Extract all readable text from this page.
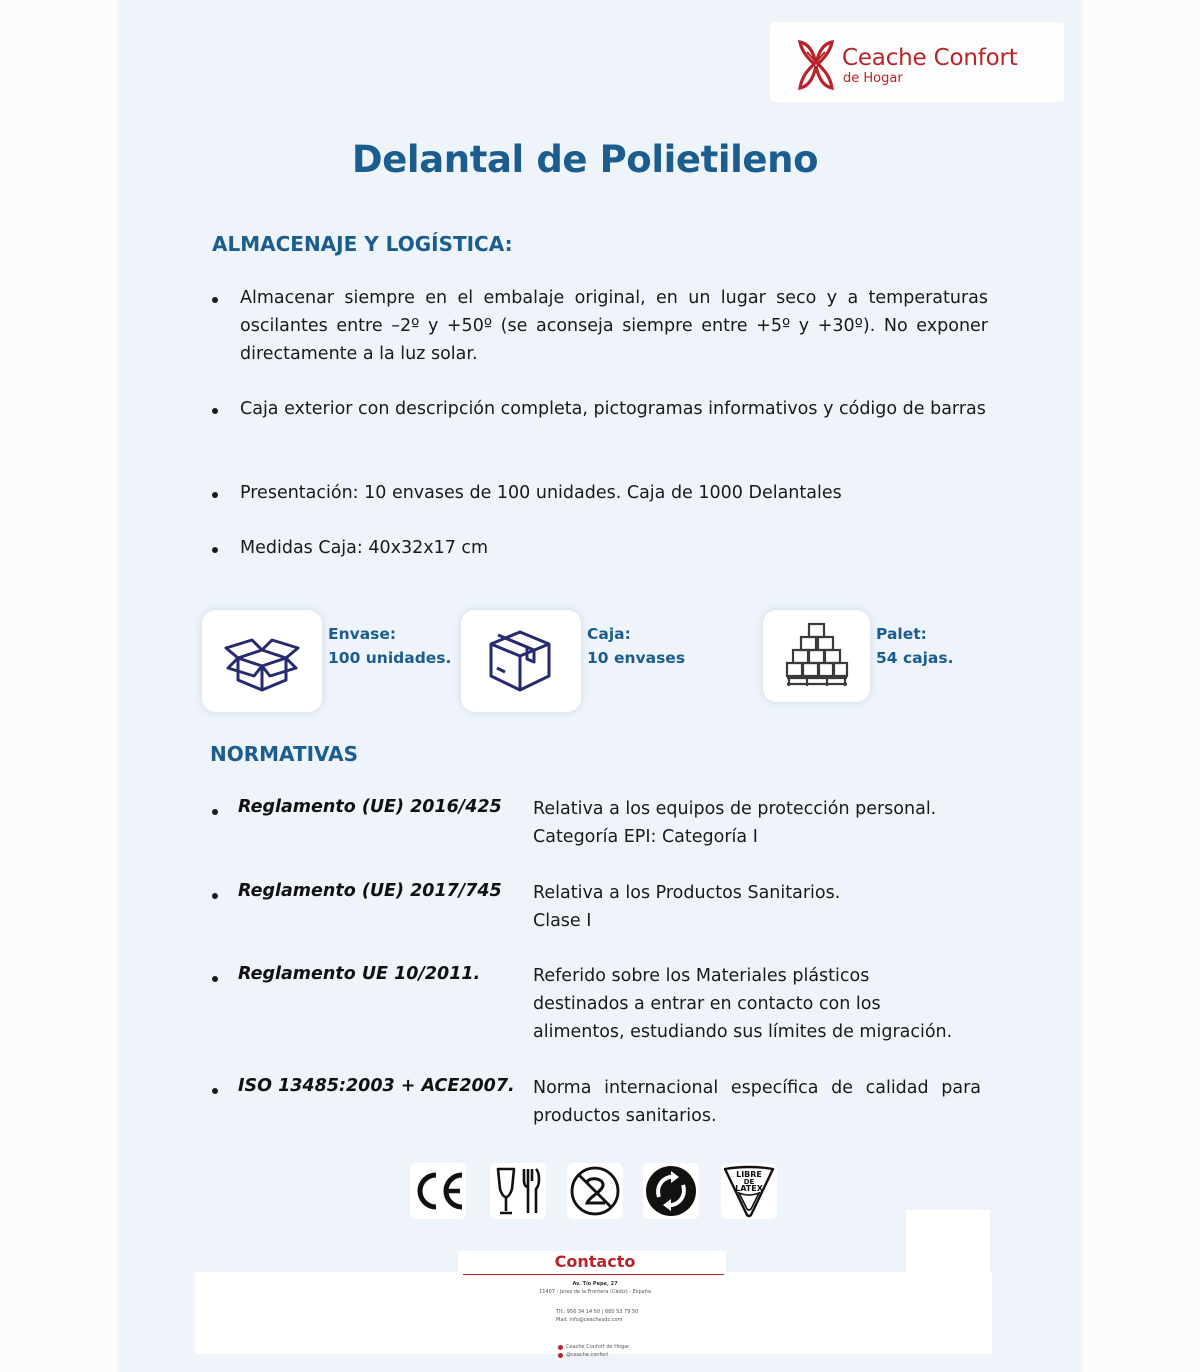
Ceache Confort
de Hogar
Delantal de Polietileno
ALMACENAJE Y LOGÍSTICA:
Almacenar siempre en el embalaje original, en un lugar seco y a temperaturas oscilantes entre –2º y +50º (se aconseja siempre entre +5º y +30º). No exponer directamente a la luz solar.
Caja exterior con descripción completa, pictogramas informativos y código de barras
Presentación: 10 envases de 100 unidades. Caja de 1000 Delantales
Medidas Caja: 40x32x17 cm
Envase:
100 unidades.
Caja:
10 envases
Palet:
54 cajas.
NORMATIVAS
Reglamento (UE) 2016/425 Relativa a los equipos de protección personal.
Categoría EPI: Categoría I
Reglamento (UE) 2017/745 Relativa a los Productos Sanitarios.
Clase I
Reglamento UE 10/2011.	Referido sobre los Materiales plásticos
destinados a entrar en contacto con los
alimentos, estudiando sus límites de migración.
ISO 13485:2003 + ACE2007. Norma internacional específica de calidad para productos sanitarios.
LIBRE
DE
LATEX
Contacto
Av. Tío Pepe, 27
11407 - Jerez de la Frontera (Cádiz) - España
Tlf.: 956 34 14 50 | 680 53 79 50
Mail: info@ceachesdc.com
Ceache Confort de Hogar
@ceache.confort
